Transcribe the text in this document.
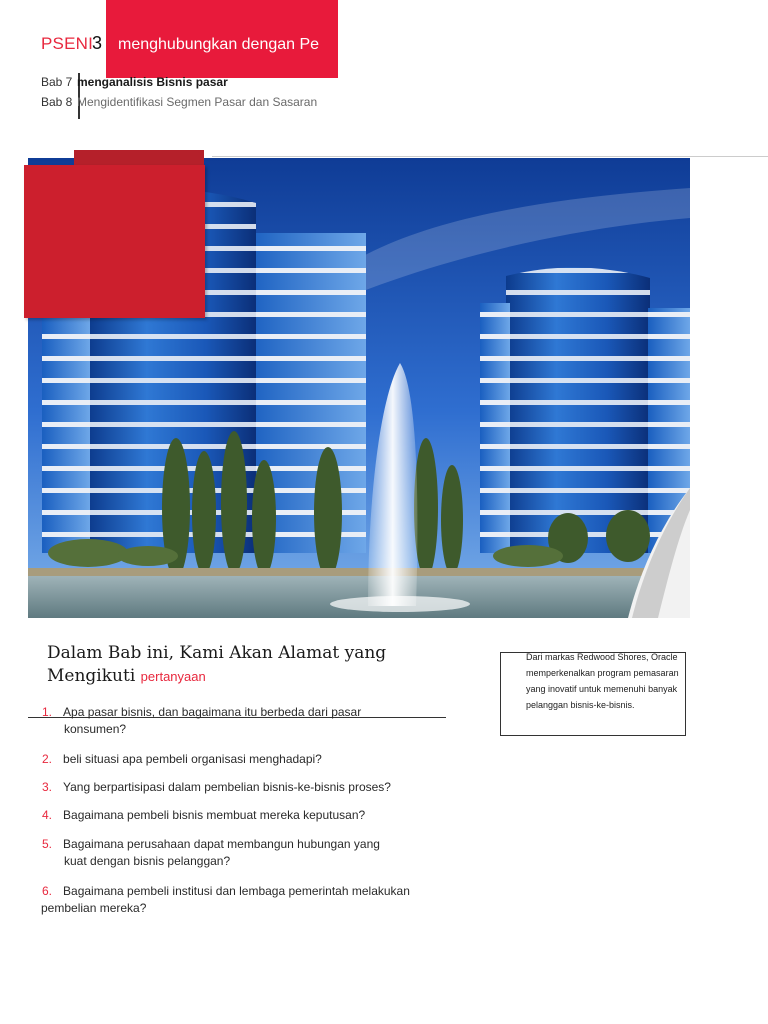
PSENI
3 menghubungkan dengan Pe
Bab 7 menganalisis Bisnis pasar
Bab 8 Mengidentifikasi Segmen Pasar dan Sasaran
Dalam Bab ini, Kami Akan Alamat yang Mengikuti pertanyaan
1. Apa pasar bisnis, dan bagaimana itu berbeda dari pasar
konsumen?
2. beli situasi apa pembeli organisasi menghadapi?
3. Yang berpartisipasi dalam pembelian bisnis-ke-bisnis proses?
4. Bagaimana pembeli bisnis membuat mereka keputusan?
5. Bagaimana perusahaan dapat membangun hubungan yang
kuat dengan bisnis pelanggan?
6. Bagaimana pembeli institusi dan lembaga pemerintah melakukan
pembelian mereka?
Dari markas Redwood Shores, Oracle memperkenalkan program pemasaran yang inovatif untuk memenuhi banyak pelanggan bisnis-ke-bisnis.
